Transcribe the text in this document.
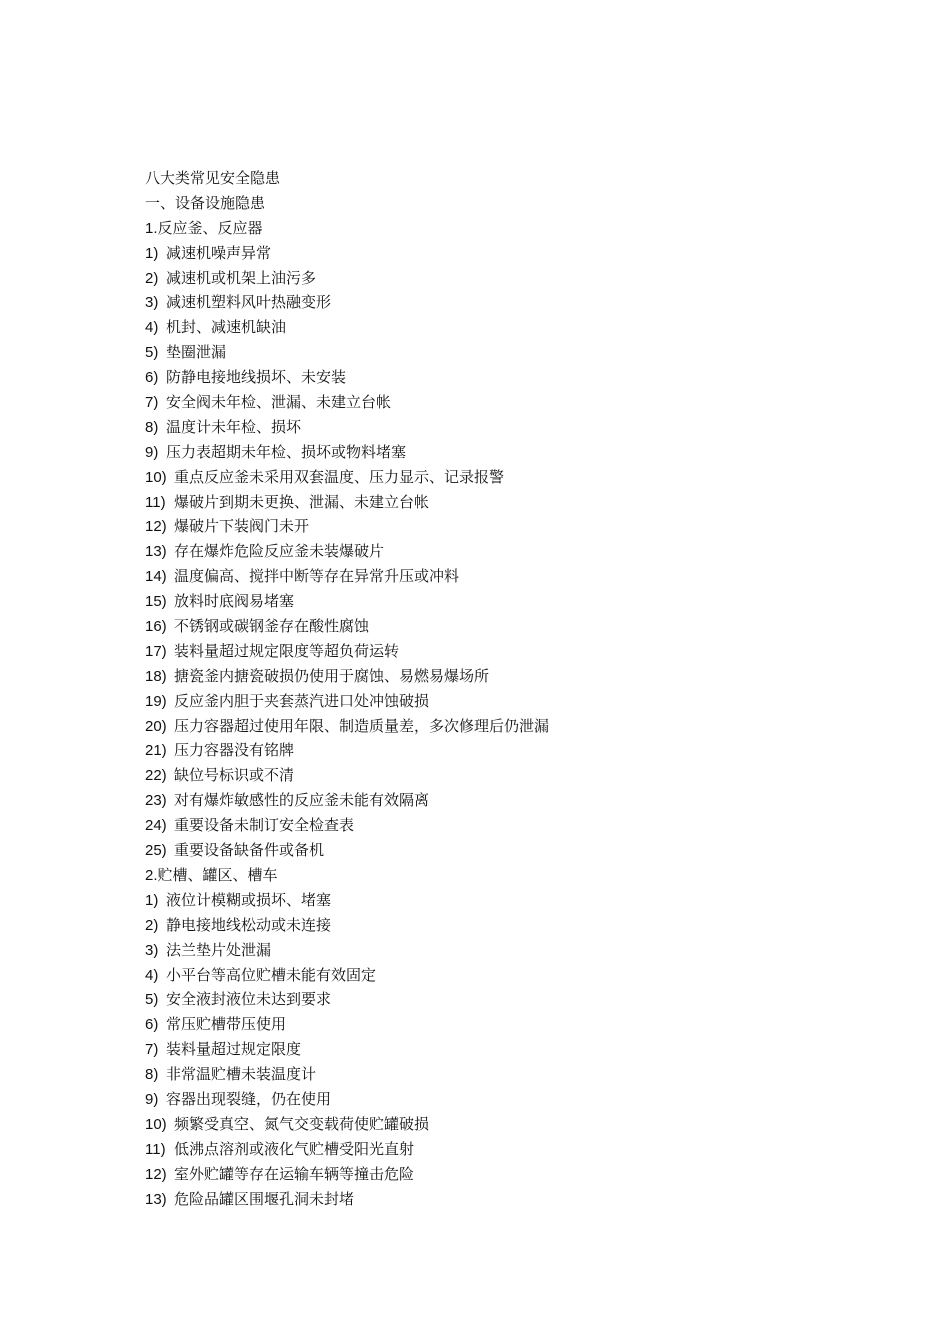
八大类常见安全隐患
一、设备设施隐患
1.反应釜、反应器
1) 减速机噪声异常
2) 减速机或机架上油污多
3) 减速机塑料风叶热融变形
4) 机封、减速机缺油
5) 垫圈泄漏
6) 防静电接地线损坏、未安装
7) 安全阀未年检、泄漏、未建立台帐
8) 温度计未年检、损坏
9) 压力表超期未年检、损坏或物料堵塞
10) 重点反应釜未采用双套温度、压力显示、记录报警
11) 爆破片到期未更换、泄漏、未建立台帐
12) 爆破片下装阀门未开
13) 存在爆炸危险反应釜未装爆破片
14) 温度偏高、搅拌中断等存在异常升压或冲料
15) 放料时底阀易堵塞
16) 不锈钢或碳钢釜存在酸性腐蚀
17) 装料量超过规定限度等超负荷运转
18) 搪瓷釜内搪瓷破损仍使用于腐蚀、易燃易爆场所
19) 反应釜内胆于夹套蒸汽进口处冲蚀破损
20) 压力容器超过使用年限、制造质量差，多次修理后仍泄漏
21) 压力容器没有铭牌
22) 缺位号标识或不清
23) 对有爆炸敏感性的反应釜未能有效隔离
24) 重要设备未制订安全检查表
25) 重要设备缺备件或备机
2.贮槽、罐区、槽车
1) 液位计模糊或损坏、堵塞
2) 静电接地线松动或未连接
3) 法兰垫片处泄漏
4) 小平台等高位贮槽未能有效固定
5) 安全液封液位未达到要求
6) 常压贮槽带压使用
7) 装料量超过规定限度
8) 非常温贮槽未装温度计
9) 容器出现裂缝，仍在使用
10) 频繁受真空、氮气交变载荷使贮罐破损
11) 低沸点溶剂或液化气贮槽受阳光直射
12) 室外贮罐等存在运输车辆等撞击危险
13) 危险品罐区围堰孔洞未封堵
